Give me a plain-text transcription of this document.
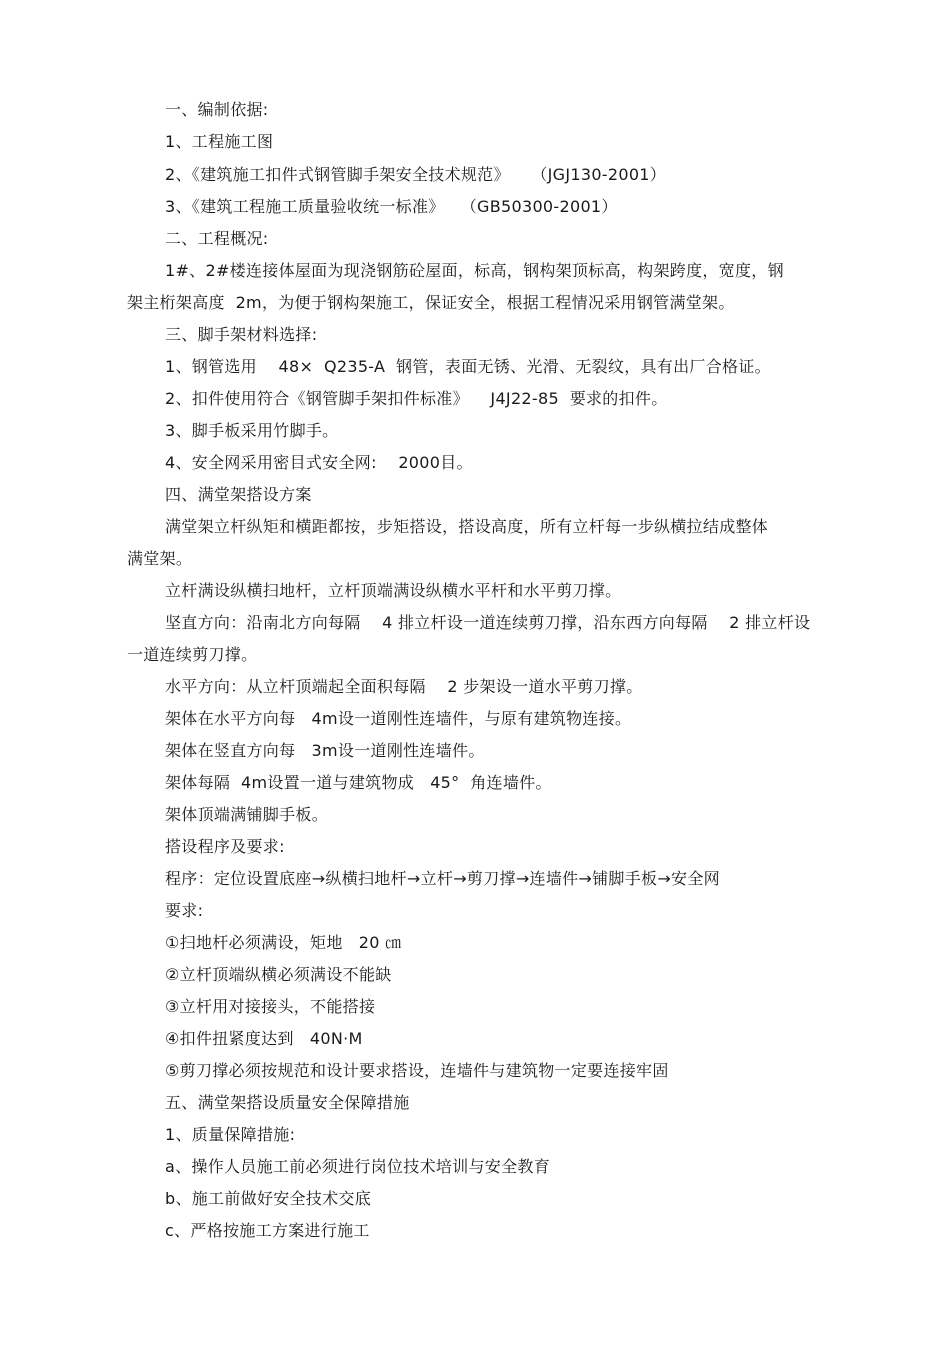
一、编制依据:
1、工程施工图
2、《建筑施工扣件式钢管脚手架安全技术规范》    （JGJ130-2001）
3、《建筑工程施工质量验收统一标准》   （GB50300-2001）
二、工程概况:
1#、2#楼连接体屋面为现浇钢筋砼屋面，标高，钢构架顶标高，构架跨度，宽度，钢
架主桁架高度  2m，为便于钢构架施工，保证安全，根据工程情况采用钢管满堂架。
三、脚手架材料选择:
1、钢管选用    48×  Q235-A  钢管，表面无锈、光滑、无裂纹，具有出厂合格证。
2、扣件使用符合《钢管脚手架扣件标准》    J4J22-85  要求的扣件。
3、脚手板采用竹脚手。
4、安全网采用密目式安全网:    2000目。
四、满堂架搭设方案
满堂架立杆纵矩和横距都按，步矩搭设，搭设高度，所有立杆每一步纵横拉结成整体
满堂架。
立杆满设纵横扫地杆，立杆顶端满设纵横水平杆和水平剪刀撑。
坚直方向：沿南北方向每隔    4 排立杆设一道连续剪刀撑，沿东西方向每隔    2 排立杆设
一道连续剪刀撑。
水平方向：从立杆顶端起全面积每隔    2 步架设一道水平剪刀撑。
架体在水平方向每   4m设一道刚性连墙件，与原有建筑物连接。
架体在竖直方向每   3m设一道刚性连墙件。
架体每隔  4m设置一道与建筑物成   45°  角连墙件。
架体顶端满铺脚手板。
搭设程序及要求:
程序：定位设置底座→纵横扫地杆→立杆→剪刀撑→连墙件→铺脚手板→安全网
要求:
①扫地杆必须满设，矩地   20 ㎝
②立杆顶端纵横必须满设不能缺
③立杆用对接接头，不能搭接
④扣件扭紧度达到   40N·M
⑤剪刀撑必须按规范和设计要求搭设，连墙件与建筑物一定要连接牢固
五、满堂架搭设质量安全保障措施
1、质量保障措施:
a、操作人员施工前必须进行岗位技术培训与安全教育
b、施工前做好安全技术交底
c、严格按施工方案进行施工
